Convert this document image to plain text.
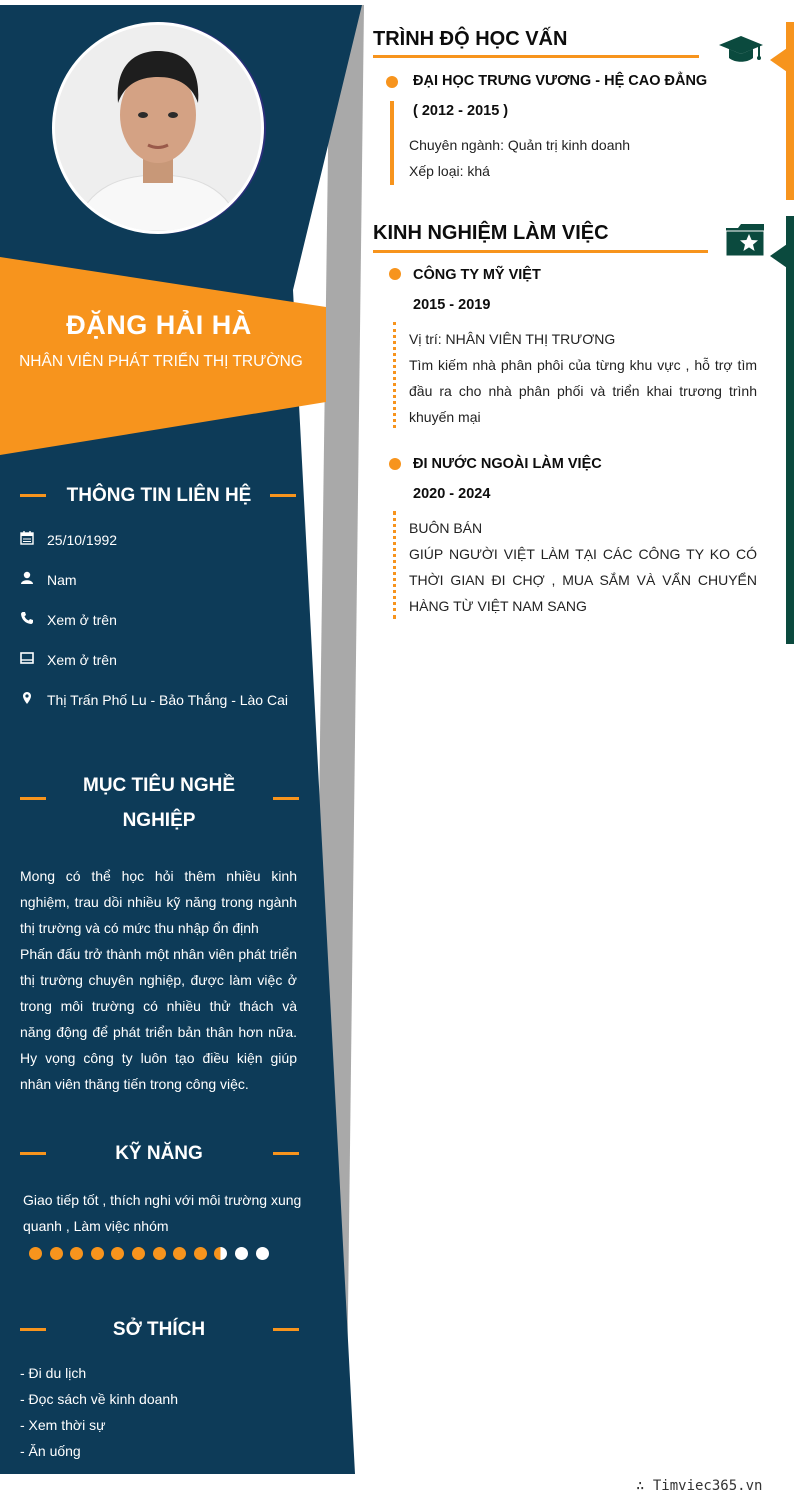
ĐẶNG HẢI HÀ
NHÂN VIÊN PHÁT TRIỂN THỊ TRƯỜNG
THÔNG TIN LIÊN HỆ
25/10/1992
Nam
Xem ở trên
Xem ở trên
Thị Trấn Phố Lu - Bảo Thắng - Lào Cai
MỤC TIÊU NGHỀ
NGHIỆP
Mong có thể học hỏi thêm nhiều kinh nghiệm, trau dồi nhiều kỹ năng trong ngành thị trường và có mức thu nhập ổn định
Phấn đấu trở thành một nhân viên phát triển thị trường chuyên nghiệp, được làm việc ở trong môi trường có nhiều thử thách và năng động để phát triển bản thân hơn nữa. Hy vọng công ty luôn tạo điều kiện giúp nhân viên thăng tiến trong công việc.
KỸ NĂNG
Giao tiếp tốt , thích nghi với môi trường xung quanh , Làm việc nhóm
SỞ THÍCH
- Đi du lịch
- Đọc sách về kinh doanh
- Xem thời sự
- Ăn uống
TRÌNH ĐỘ HỌC VẤN
ĐẠI HỌC TRƯNG VƯƠNG - HỆ CAO ĐẲNG
( 2012 - 2015 )
Chuyên ngành: Quản trị kinh doanh
Xếp loại: khá
KINH NGHIỆM LÀM VIỆC
CÔNG TY MỸ VIỆT
2015 - 2019
Vị trí: NHÂN VIÊN THỊ TRƯƠNG
Tìm kiếm nhà phân phôi của từng khu vực , hỗ trợ tìm đầu ra cho nhà phân phối và triển khai trương trình khuyến mại
ĐI NƯỚC NGOÀI LÀM VIỆC
2020 - 2024
BUÔN BÁN
GIÚP NGƯỜI VIỆT LÀM TẠI CÁC CÔNG TY KO CÓ THỜI GIAN ĐI CHỢ , MUA SẮM VÀ VẨN CHUYỂN HÀNG TỪ VIỆT NAM SANG
∴ Timviec365.vn
